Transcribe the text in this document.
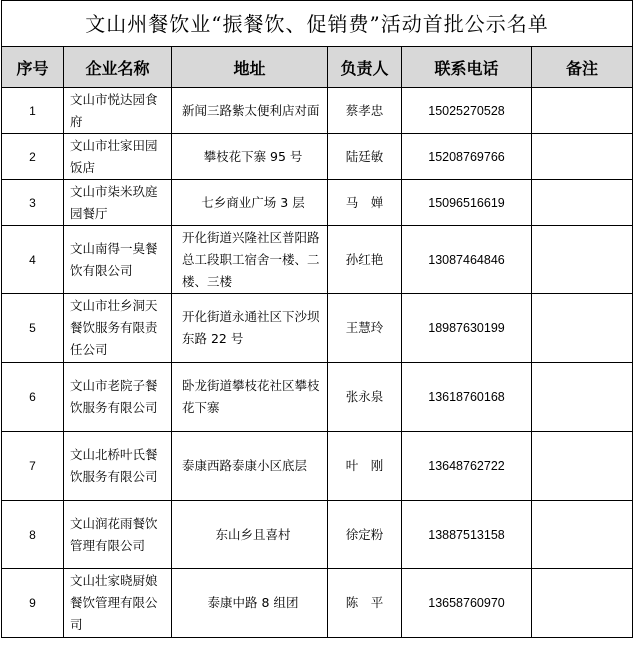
文山州餐饮业“振餐饮、促销费”活动首批公示名单					
序号	企业名称	地址	负责人	联系电话	备注
1	文山市悦达园食府	新闻三路紫太便利店对面	蔡孝忠	15025270528	
2	文山市壮家田园饭店	攀枝花下寨 95 号	陆廷敏	15208769766	
3	文山市柒米玖庭园餐厅	七乡商业广场 3 层	马　婵	15096516619	
4	文山南得一臭餐饮有限公司	开化街道兴隆社区普阳路总工段职工宿舍一楼、二楼、三楼	孙红艳	13087464846	
5	文山市壮乡洞天餐饮服务有限责任公司	开化街道永通社区下沙坝东路 22 号	王慧玲	18987630199	
6	文山市老院子餐饮服务有限公司	卧龙街道攀枝花社区攀枝花下寨	张永泉	13618760168	
7	文山北桥叶氏餐饮服务有限公司	泰康西路泰康小区底层	叶　刚	13648762722	
8	文山润花雨餐饮管理有限公司	东山乡且喜村	徐定粉	13887513158	
9	文山壮家晓厨娘餐饮管理有限公司	泰康中路 8 组团	陈　平	13658760970	
